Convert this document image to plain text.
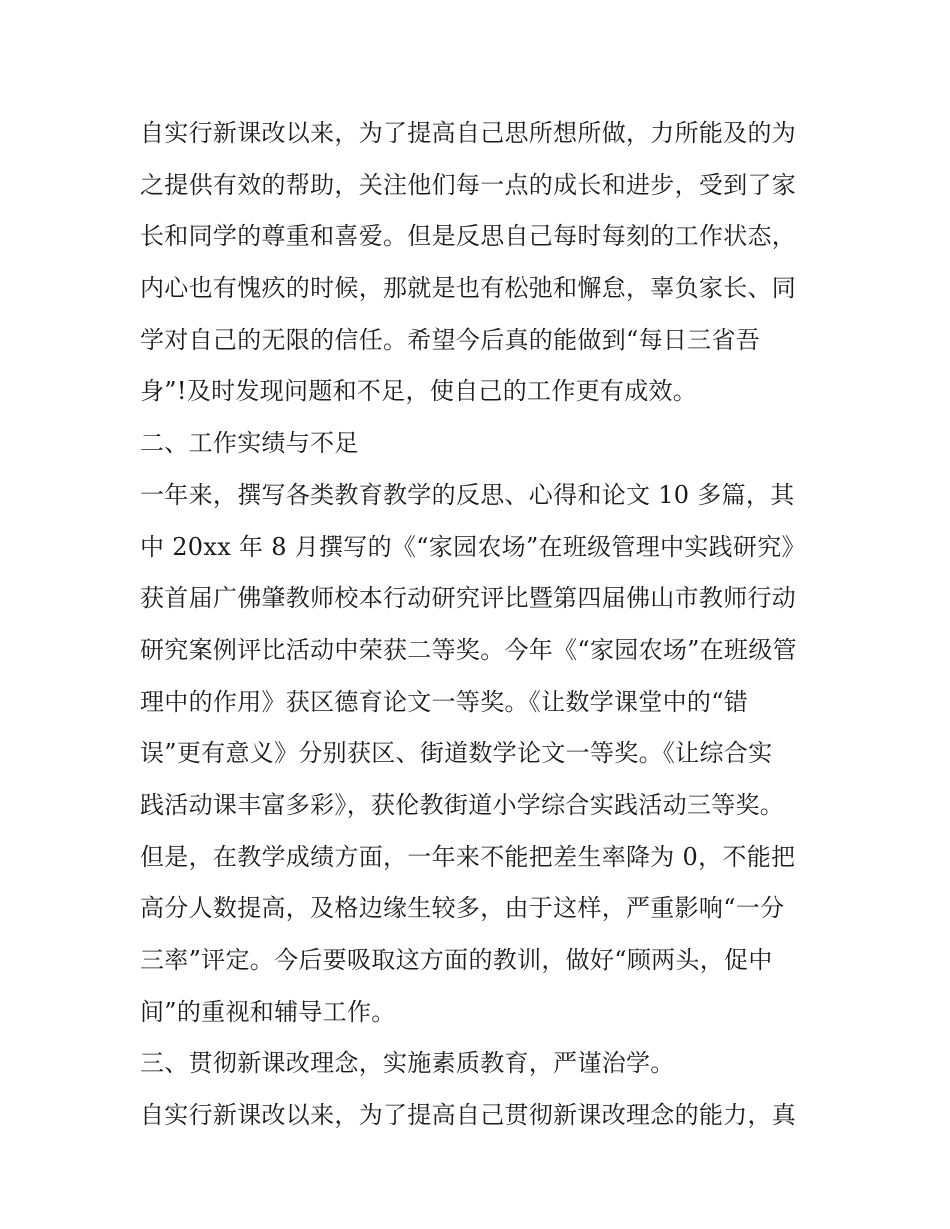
自实行新课改以来，为了提高自己思所想所做，力所能及的为
之提供有效的帮助，关注他们每一点的成长和进步，受到了家
长和同学的尊重和喜爱。但是反思自己每时每刻的工作状态，
内心也有愧疚的时候，那就是也有松弛和懈怠，辜负家长、同
学对自己的无限的信任。希望今后真的能做到“每日三省吾
身”!及时发现问题和不足，使自己的工作更有成效。
二、工作实绩与不足
一年来，撰写各类教育教学的反思、心得和论文 10 多篇，其
中 20xx 年 8 月撰写的《“家园农场”在班级管理中实践研究》
获首届广佛肇教师校本行动研究评比暨第四届佛山市教师行动
研究案例评比活动中荣获二等奖。今年《“家园农场”在班级管
理中的作用》获区德育论文一等奖。《让数学课堂中的“错
误”更有意义》分别获区、街道数学论文一等奖。《让综合实
践活动课丰富多彩》，获伦教街道小学综合实践活动三等奖。
但是，在教学成绩方面，一年来不能把差生率降为 0，不能把
高分人数提高，及格边缘生较多，由于这样，严重影响“一分
三率”评定。今后要吸取这方面的教训，做好“顾两头，促中
间”的重视和辅导工作。
三、贯彻新课改理念，实施素质教育，严谨治学。
自实行新课改以来，为了提高自己贯彻新课改理念的能力，真
